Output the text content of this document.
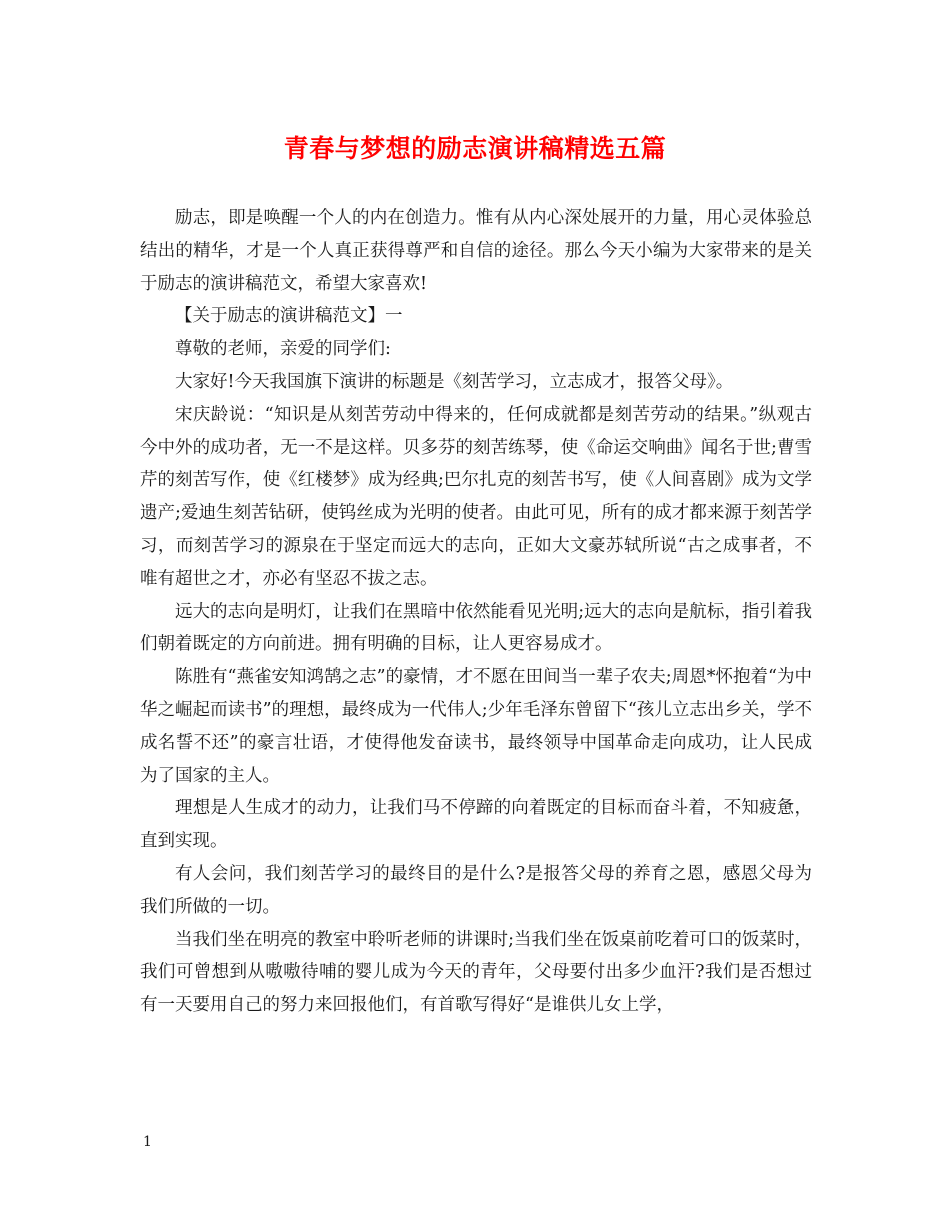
青春与梦想的励志演讲稿精选五篇

励志，即是唤醒一个人的内在创造力。惟有从内心深处展开的力量，用心灵体验总结出的精华，才是一个人真正获得尊严和自信的途径。那么今天小编为大家带来的是关于励志的演讲稿范文，希望大家喜欢!

【关于励志的演讲稿范文】一

尊敬的老师，亲爱的同学们:

大家好!今天我国旗下演讲的标题是《刻苦学习，立志成才，报答父母》。

宋庆龄说：“知识是从刻苦劳动中得来的，任何成就都是刻苦劳动的结果。”纵观古今中外的成功者，无一不是这样。贝多芬的刻苦练琴，使《命运交响曲》闻名于世;曹雪芹的刻苦写作，使《红楼梦》成为经典;巴尔扎克的刻苦书写，使《人间喜剧》成为文学遗产;爱迪生刻苦钻研，使钨丝成为光明的使者。由此可见，所有的成才都来源于刻苦学习，而刻苦学习的源泉在于坚定而远大的志向，正如大文豪苏轼所说“古之成事者，不唯有超世之才，亦必有坚忍不拔之志。

远大的志向是明灯，让我们在黑暗中依然能看见光明;远大的志向是航标，指引着我们朝着既定的方向前进。拥有明确的目标，让人更容易成才。

陈胜有“燕雀安知鸿鹄之志”的豪情，才不愿在田间当一辈子农夫;周恩*怀抱着“为中华之崛起而读书”的理想，最终成为一代伟人;少年毛泽东曾留下“孩儿立志出乡关，学不成名誓不还”的豪言壮语，才使得他发奋读书，最终领导中国革命走向成功，让人民成为了国家的主人。

理想是人生成才的动力，让我们马不停蹄的向着既定的目标而奋斗着，不知疲惫，直到实现。

有人会问，我们刻苦学习的最终目的是什么?是报答父母的养育之恩，感恩父母为我们所做的一切。

当我们坐在明亮的教室中聆听老师的讲课时;当我们坐在饭桌前吃着可口的饭菜时，我们可曾想到从嗷嗷待哺的婴儿成为今天的青年，父母要付出多少血汗?我们是否想过有一天要用自己的努力来回报他们，有首歌写得好“是谁供儿女上学，

1
